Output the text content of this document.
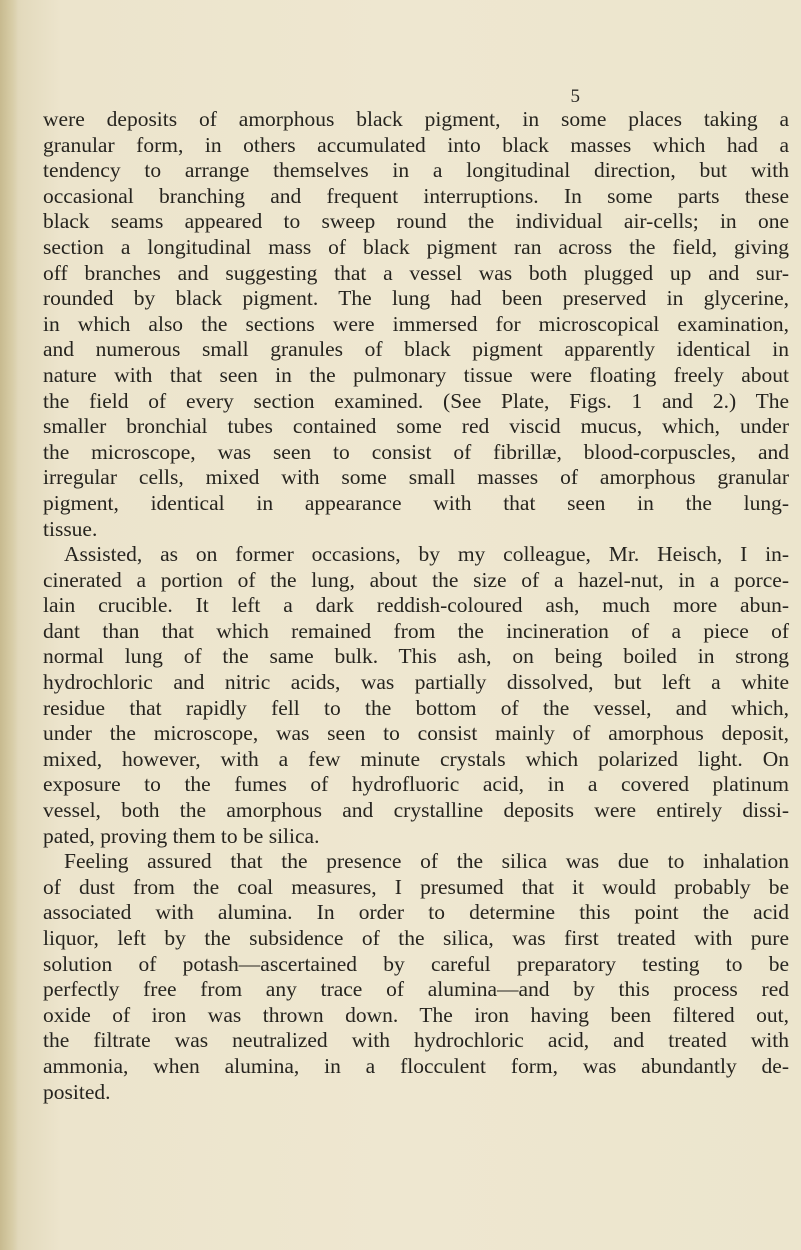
5
were deposits of amorphous black pigment, in some places taking a
granular form, in others accumulated into black masses which had a
tendency to arrange themselves in a longitudinal direction, but with
occasional branching and frequent interruptions. In some parts these
black seams appeared to sweep round the individual air-cells; in one
section a longitudinal mass of black pigment ran across the field, giving
off branches and suggesting that a vessel was both plugged up and sur-
rounded by black pigment. The lung had been preserved in glycerine,
in which also the sections were immersed for microscopical examination,
and numerous small granules of black pigment apparently identical in
nature with that seen in the pulmonary tissue were floating freely about
the field of every section examined. (See Plate, Figs. 1 and 2.) The
smaller bronchial tubes contained some red viscid mucus, which, under
the microscope, was seen to consist of fibrillæ, blood-corpuscles, and
irregular cells, mixed with some small masses of amorphous granular
pigment, identical in appearance with that seen in the lung-
tissue.
Assisted, as on former occasions, by my colleague, Mr. Heisch, I in-
cinerated a portion of the lung, about the size of a hazel-nut, in a porce-
lain crucible. It left a dark reddish-coloured ash, much more abun-
dant than that which remained from the incineration of a piece of
normal lung of the same bulk. This ash, on being boiled in strong
hydrochloric and nitric acids, was partially dissolved, but left a white
residue that rapidly fell to the bottom of the vessel, and which,
under the microscope, was seen to consist mainly of amorphous deposit,
mixed, however, with a few minute crystals which polarized light. On
exposure to the fumes of hydrofluoric acid, in a covered platinum
vessel, both the amorphous and crystalline deposits were entirely dissi-
pated, proving them to be silica.
Feeling assured that the presence of the silica was due to inhalation
of dust from the coal measures, I presumed that it would probably be
associated with alumina. In order to determine this point the acid
liquor, left by the subsidence of the silica, was first treated with pure
solution of potash—ascertained by careful preparatory testing to be
perfectly free from any trace of alumina—and by this process red
oxide of iron was thrown down. The iron having been filtered out,
the filtrate was neutralized with hydrochloric acid, and treated with
ammonia, when alumina, in a flocculent form, was abundantly de-
posited.
